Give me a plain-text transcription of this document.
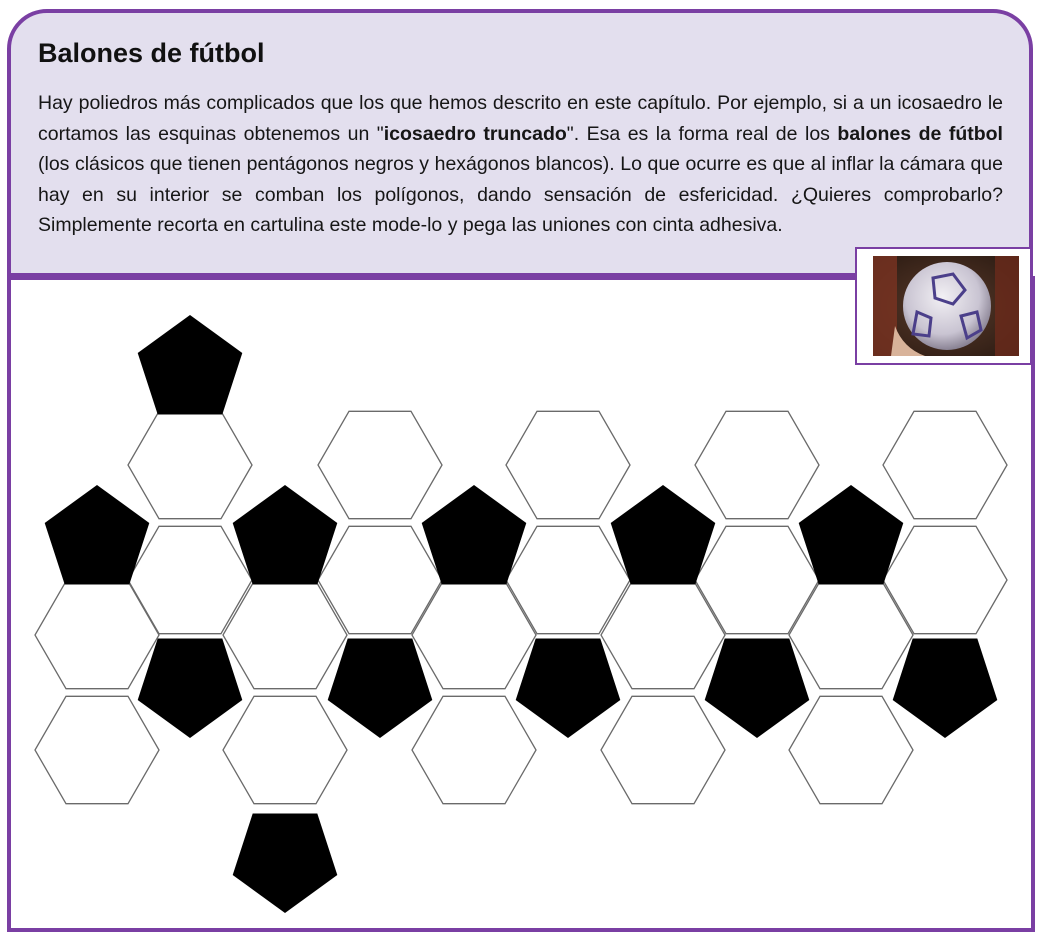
Balones de fútbol

Hay poliedros más complicados que los que hemos descrito en este capítulo. Por ejemplo, si a un icosaedro le cortamos las esquinas obtenemos un "icosaedro truncado". Esa es la forma real de los balones de fútbol (los clásicos que tienen pentágonos negros y hexágonos blancos). Lo que ocurre es que al inflar la cámara que hay en su interior se comban los polígonos, dando sensación de esfericidad. ¿Quieres comprobarlo? Simplemente recorta en cartulina este mode-lo y pega las uniones con cinta adhesiva.
